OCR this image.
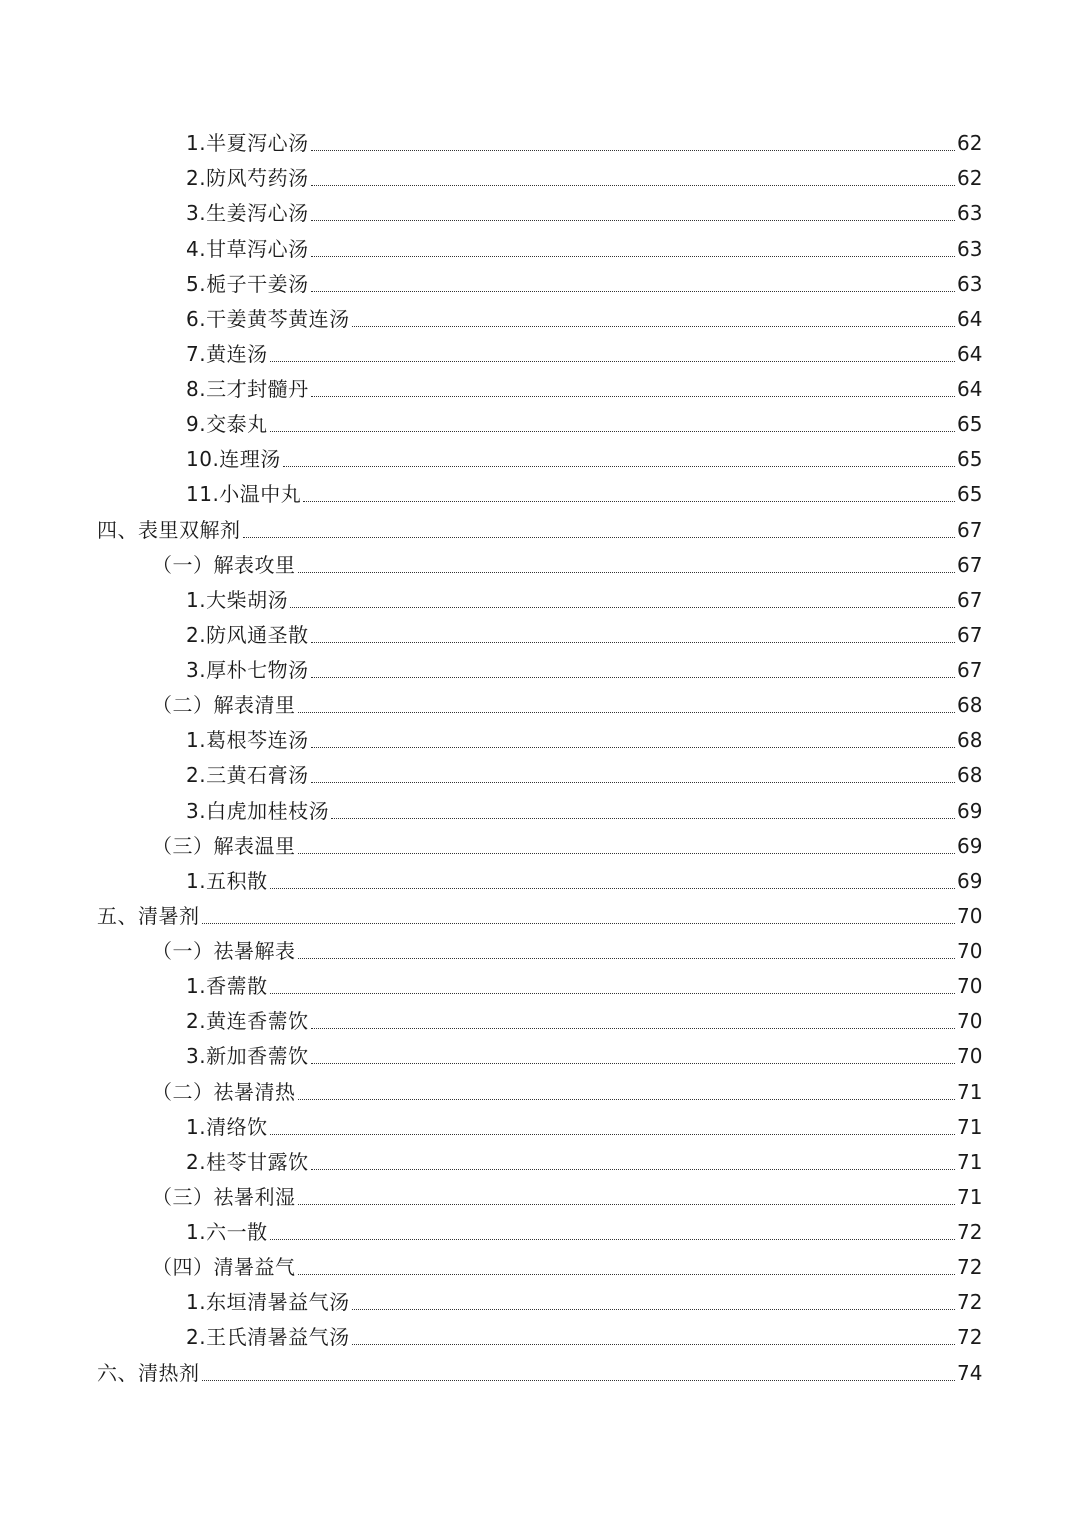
1.半夏泻心汤	62
2.防风芍药汤	62
3.生姜泻心汤	63
4.甘草泻心汤	63
5.栀子干姜汤	63
6.干姜黄芩黄连汤	64
7.黄连汤	64
8.三才封髓丹	64
9.交泰丸	65
10.连理汤	65
11.小温中丸	65
四、表里双解剂	67
（一）解表攻里	67
1.大柴胡汤	67
2.防风通圣散	67
3.厚朴七物汤	67
（二）解表清里	68
1.葛根芩连汤	68
2.三黄石膏汤	68
3.白虎加桂枝汤	69
（三）解表温里	69
1.五积散	69
五、清暑剂	70
（一）祛暑解表	70
1.香薷散	70
2.黄连香薷饮	70
3.新加香薷饮	70
（二）祛暑清热	71
1.清络饮	71
2.桂苓甘露饮	71
（三）祛暑利湿	71
1.六一散	72
（四）清暑益气	72
1.东垣清暑益气汤	72
2.王氏清暑益气汤	72
六、清热剂	74
